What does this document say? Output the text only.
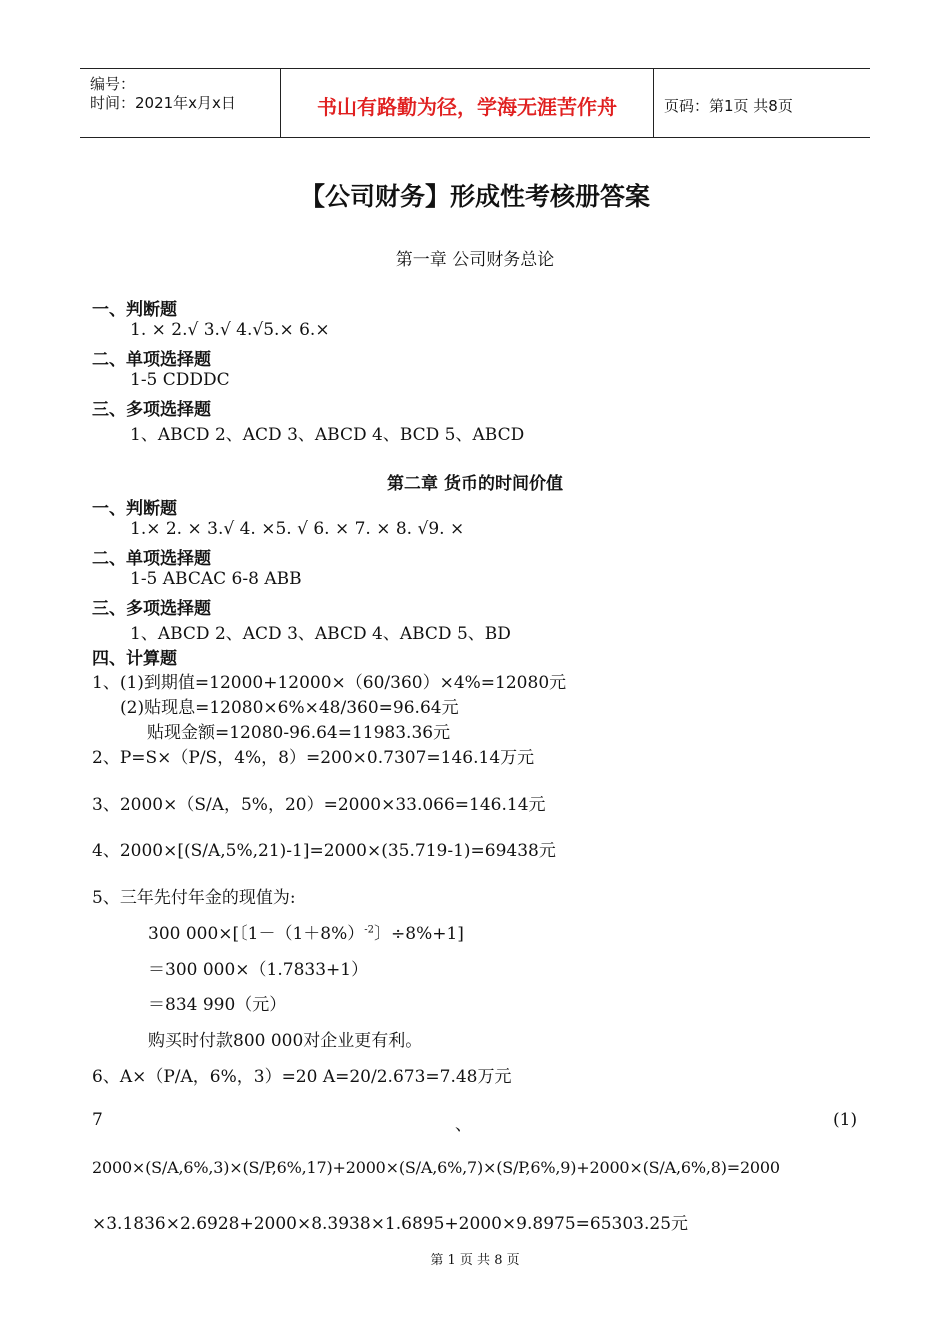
编号：
时间：2021年x月x日	书山有路勤为径，学海无涯苦作舟	页码：第1页 共8页
【公司财务】形成性考核册答案
第一章 公司财务总论
一、判断题
1. × 2.√ 3.√ 4.√5.× 6.×
二、单项选择题
1-5 CDDDC
三、多项选择题
1、ABCD 2、ACD 3、ABCD 4、BCD 5、ABCD
第二章 货币的时间价值
一、判断题
1.× 2. × 3.√ 4. ×5. √ 6. × 7. × 8. √9. ×
二、单项选择题
1-5 ABCAC 6-8 ABB
三、多项选择题
1、ABCD 2、ACD 3、ABCD 4、ABCD 5、BD
四、计算题
1、(1)到期值=12000+12000×（60/360）×4%=12080元
(2)贴现息=12080×6%×48/360=96.64元
贴现金额=12080-96.64=11983.36元
2、P=S×（P/S，4%，8）=200×0.7307=146.14万元
3、2000×（S/A，5%，20）=2000×33.066=146.14元
4、2000×[(S/A,5%,21)-1]=2000×(35.719-1)=69438元
5、三年先付年金的现值为:
300 000×[〔$1-(1+8\%)^{-2}$〕÷8%+1]
＝300 000×（1.7833+1）
＝834 990（元）
购买时付款800 000对企业更有利。
6、A×（P/A，6%，3）=20 A=20/2.673=7.48万元
7	、	(1)
2000×(S/A,6%,3)×(S/P,6%,17)+2000×(S/A,6%,7)×(S/P,6%,9)+2000×(S/A,6%,8)=2000
×3.1836×2.6928+2000×8.3938×1.6895+2000×9.8975=65303.25元
第 1 页 共 8 页
